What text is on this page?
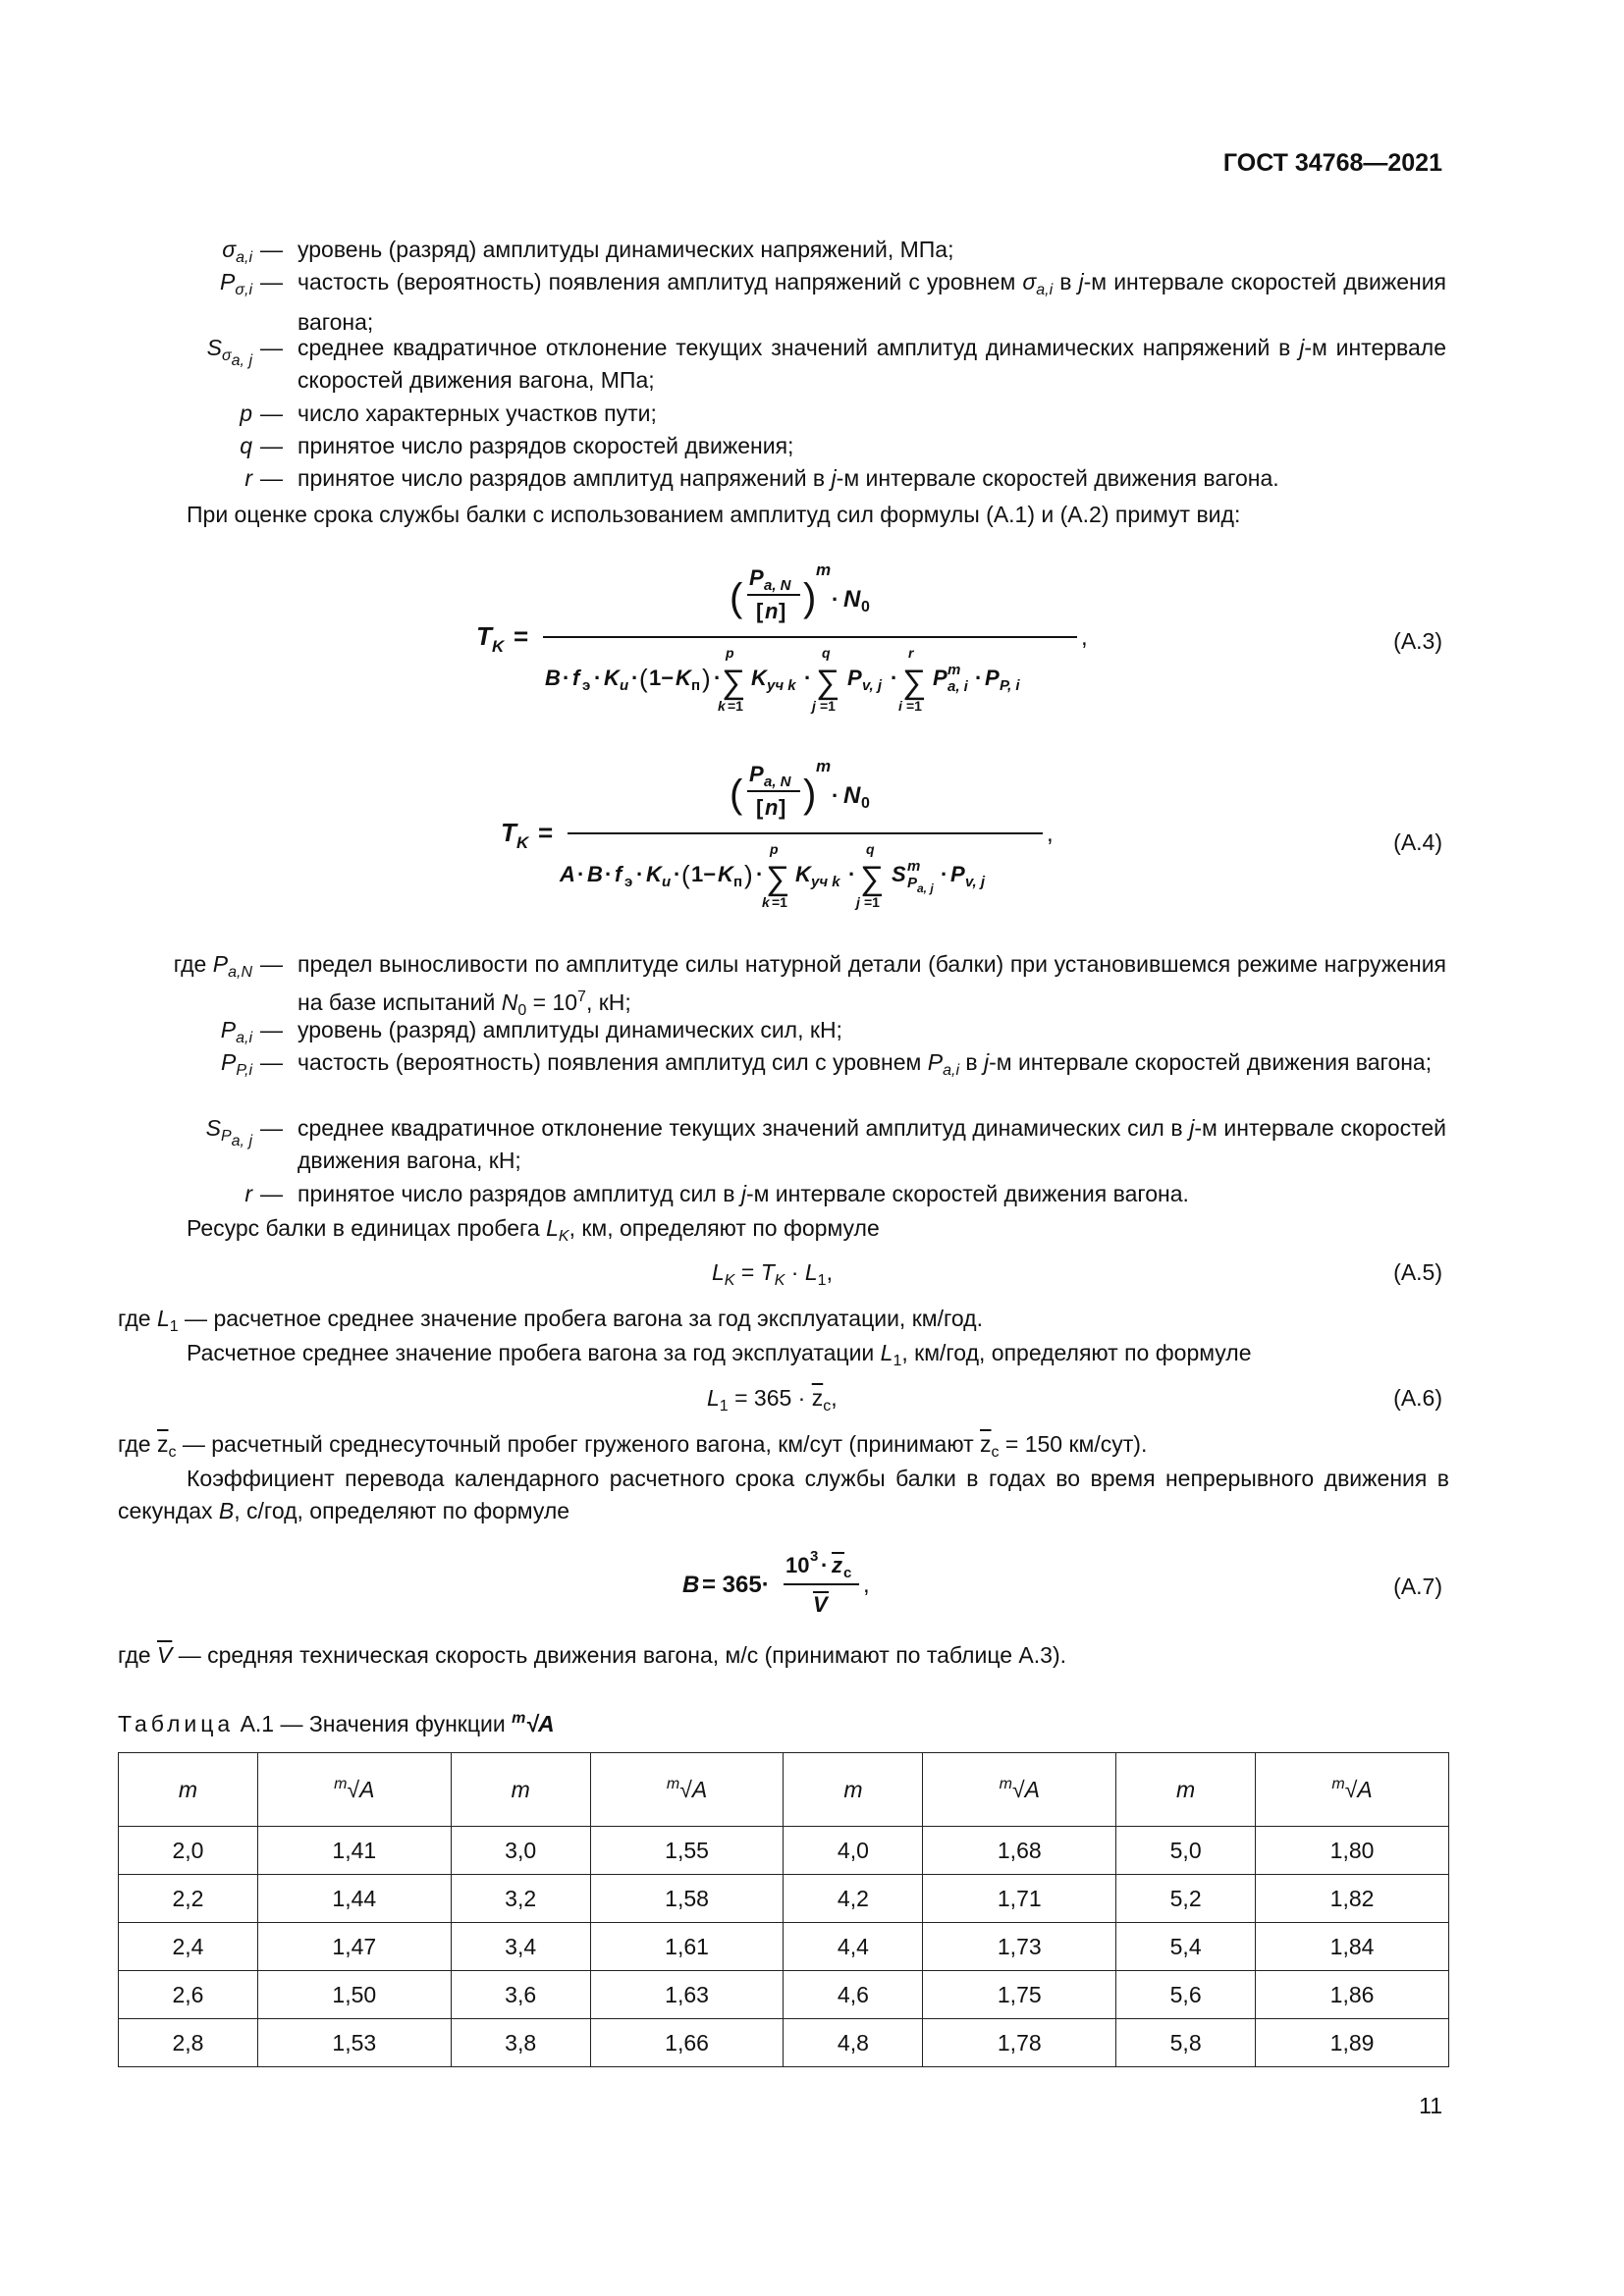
ГОСТ 34768—2021
$\sigma_{a,i}$ — уровень (разряд) амплитуды динамических напряжений, МПа;
$P_{\sigma,i}$ — частость (вероятность) появления амплитуд напряжений с уровнем $\sigma_{a,i}$ в j-м интервале скоростей движения вагона;
$S_{\sigma_{a, j}}$
— среднее квадратичное отклонение текущих значений амплитуд динамических напряжений в j-м интервале скоростей движения вагона, МПа;
p — число характерных участков пути;
q — принятое число разрядов скоростей движения;
r — принятое число разрядов амплитуд напряжений в j-м интервале скоростей движения вагона.
При оценке срока службы балки с использованием амплитуд сил формулы (А.1) и (А.2) примут вид:
T K =
( P a, N
[ n ] )
m
· N 0
B · f э · K и · ( 1− K п ) ·
p
∑
k =1
K уч k ·
q
∑
j =1
P v, j ·
r
∑
i =1
P m
a, i · P P, i
,	(А.3)
T K =
( P a, N
[ n ] )
m
· N 0
A · B · f э · K и · ( 1− K п ) ·
p
∑
k =1
K уч k ·
q
∑
j =1
S m
P a, j
· P v, j
,	(А.4)
где $P_{a,N}$ — предел выносливости по амплитуде силы натурной детали (балки) при установившемся режиме нагружения на базе испытаний $N_0 = 10^7$, кН;
$P_{a,i}$ — уровень (разряд) амплитуды динамических сил, кН;
$P_{P,i}$ — частость (вероятность) появления амплитуд сил с уровнем $P_{a,i}$ в j-м интервале скоростей движения вагона;
$S_{P_{a, j}}$
— среднее квадратичное отклонение текущих значений амплитуд динамических сил в j-м интервале скоростей движения вагона, кН;
r — принятое число разрядов амплитуд сил в j-м интервале скоростей движения вагона.
Ресурс балки в единицах пробега $L_K$, км, определяют по формуле
$L_K = T_K \cdot L_1$,	(А.5)
где $L_1$ — расчетное среднее значение пробега вагона за год эксплуатации, км/год.
Расчетное среднее значение пробега вагона за год эксплуатации $L_1$, км/год, определяют по формуле
$L_1 = 365 \cdot \overline{z}_c$,	(А.6)
где $\overline{z}_c$ — расчетный среднесуточный пробег груженого вагона, км/сут (принимают $\overline{z}_c = 150$ км/сут).
Коэффициент перевода календарного расчетного срока службы балки в годах во время непрерывного движения в секундах B, с/год, определяют по формуле
B = 365·
10 3 · z c
V
,	(А.7)
где $\overline{V}$ — средняя техническая скорость движения вагона, м/с (принимают по таблице А.3).
Таблица А.1 — Значения функции $^m$√A
m	$^m$√A	m	$^m$√A	m	$^m$√A	m	$^m$√A
2,0	1,41	3,0	1,55	4,0	1,68	5,0	1,80
2,2	1,44	3,2	1,58	4,2	1,71	5,2	1,82
2,4	1,47	3,4	1,61	4,4	1,73	5,4	1,84
2,6	1,50	3,6	1,63	4,6	1,75	5,6	1,86
2,8	1,53	3,8	1,66	4,8	1,78	5,8	1,89
11
